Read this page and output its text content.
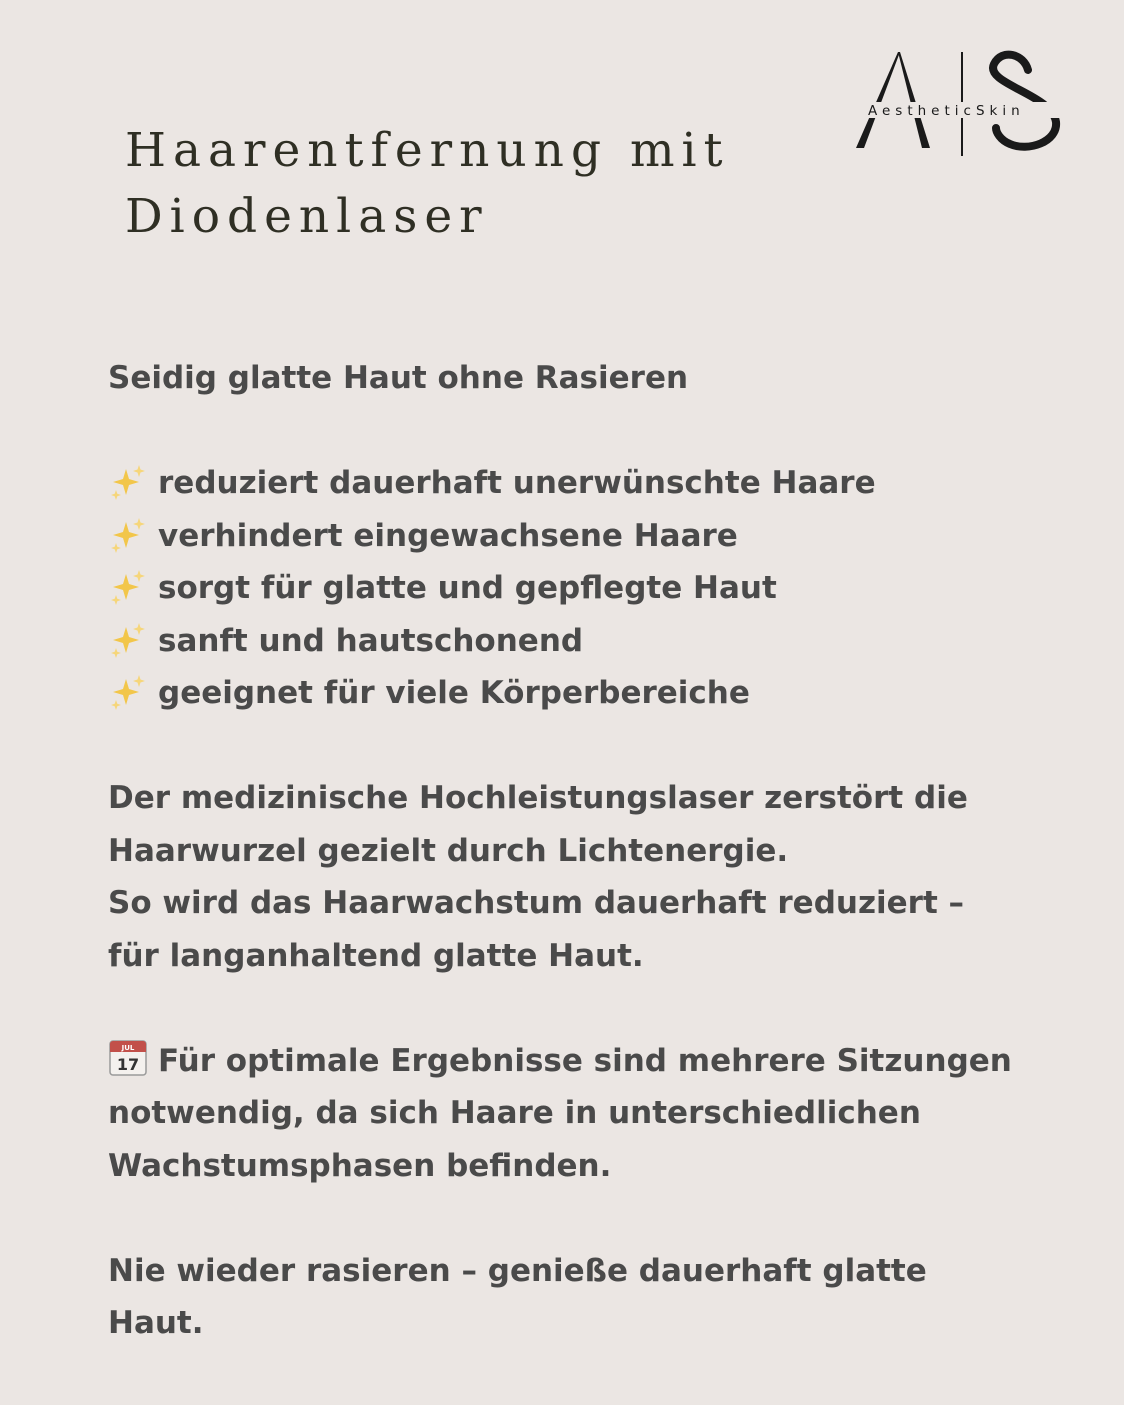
AestheticSkin
Haarentfernung mit
Diodenlaser

Seidig glatte Haut ohne Rasieren

reduziert dauerhaft unerwünschte Haare
verhindert eingewachsene Haare
sorgt für glatte und gepflegte Haut
sanft und hautschonend
geeignet für viele Körperbereiche

Der medizinische Hochleistungslaser zerstört die

Haarwurzel gezielt durch Lichtenergie.

So wird das Haarwachstum dauerhaft reduziert –

für langanhaltend glatte Haut.

JUL
17 Für optimale Ergebnisse sind mehrere Sitzungen

notwendig, da sich Haare in unterschiedlichen

Wachstumsphasen befinden.

Nie wieder rasieren – genieße dauerhaft glatte

Haut.
